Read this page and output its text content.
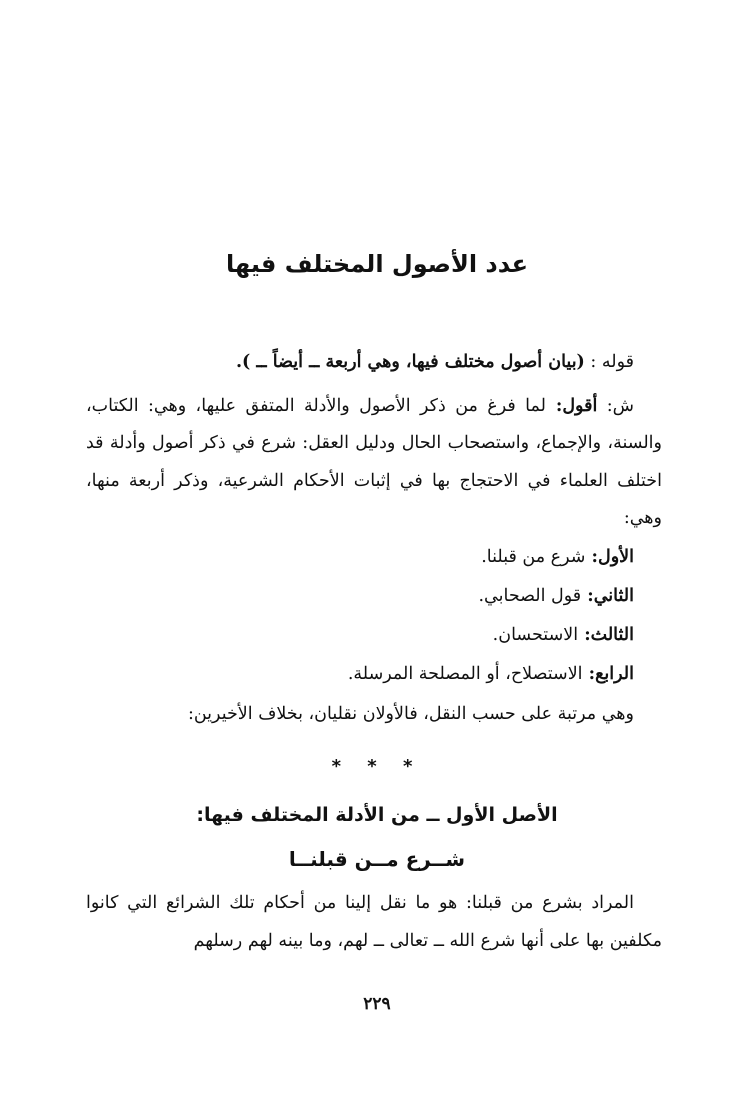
عدد الأصول المختلف فيها

قوله : (بيان أصول مختلف فيها، وهي أربعة ــ أيضاً ــ ).

ش: أقول: لما فرغ من ذكر الأصول والأدلة المتفق عليها، وهي: الكتاب، والسنة، والإجماع، واستصحاب الحال ودليل العقل: شرع في ذكر أصول وأدلة قد اختلف العلماء في الاحتجاج بها في إثبات الأحكام الشرعية، وذكر أربعة منها، وهي:

الأول: شرع من قبلنا.
الثاني: قول الصحابي.
الثالث: الاستحسان.
الرابع: الاستصلاح، أو المصلحة المرسلة.

وهي مرتبة على حسب النقل، فالأولان نقليان، بخلاف الأخيرين:

* * *
الأصل الأول ــ من الأدلة المختلف فيها:
شــرع مــن قبلنــا

المراد بشرع من قبلنا: هو ما نقل إلينا من أحكام تلك الشرائع التي كانوا مكلفين بها على أنها شرع الله ــ تعالى ــ لهم، وما بينه لهم رسلهم

٢٢٩
